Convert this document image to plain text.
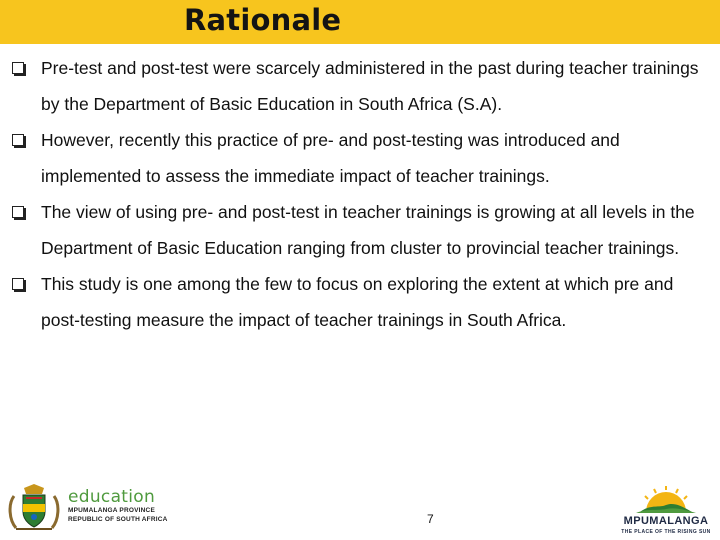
Rationale
Pre-test and post-test were scarcely administered in the past during teacher trainings by the Department of Basic Education in South Africa (S.A).
However, recently this practice of pre- and post-testing was introduced and implemented to assess the immediate impact of teacher trainings.
The view of using pre- and post-test in teacher trainings is growing at all levels in the Department of Basic Education ranging from cluster to provincial teacher trainings.
This study is one among the few to focus on exploring the extent at which pre and post-testing measure the impact of teacher trainings in South Africa.
education
MPUMALANGA PROVINCE
REPUBLIC OF SOUTH AFRICA	7	MPUMALANGA
THE PLACE OF THE RISING SUN
